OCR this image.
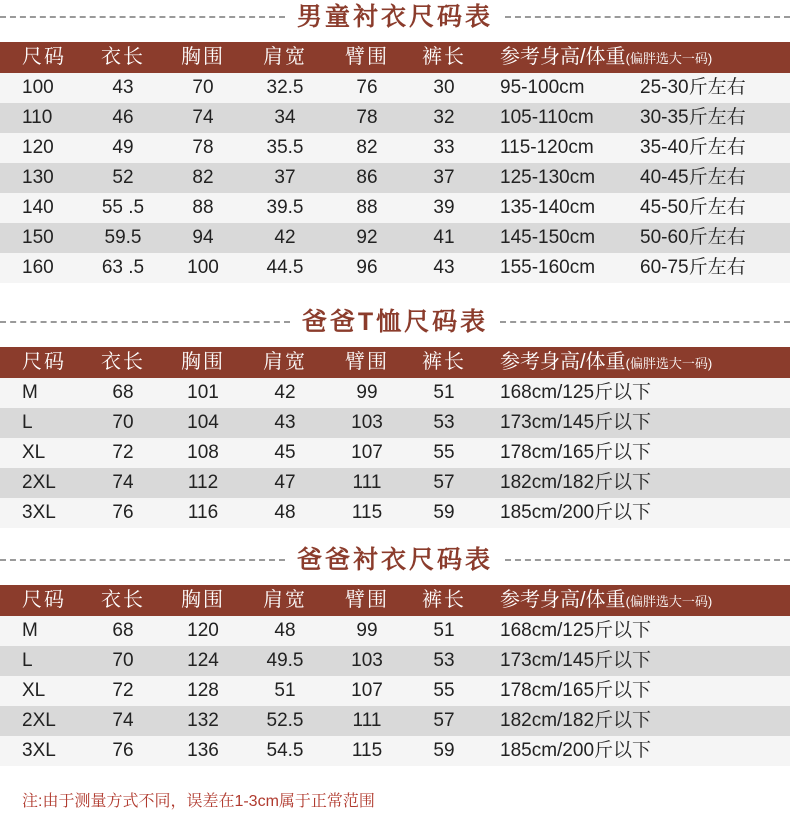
男童衬衣尺码表
尺码	衣长	胸围	肩宽	臂围	裤长	参考身高/体重(偏胖选大一码)
100	43	70	32.5	76	30	95-100cm	25-30斤左右
110	46	74	34	78	32	105-110cm 30-35斤左右
120	49	78	35.5	82	33	115-120cm 35-40斤左右
130	52	82	37	86	37	125-130cm 40-45斤左右
140	55 .5	88	39.5	88	39	135-140cm 45-50斤左右
150	59.5	94	42	92	41	145-150cm 50-60斤左右
160	63 .5	100	44.5	96	43	155-160cm 60-75斤左右
爸爸T恤尺码表
尺码	衣长	胸围	肩宽	臂围	裤长	参考身高/体重(偏胖选大一码)
M	68	101	42	99	51	168cm/125斤以下
L	70	104	43	103	53	173cm/145斤以下
XL	72	108	45	107	55	178cm/165斤以下
2XL	74	112	47	111	57	182cm/182斤以下
3XL	76	116	48	115	59	185cm/200斤以下
爸爸衬衣尺码表
尺码	衣长	胸围	肩宽	臂围	裤长	参考身高/体重(偏胖选大一码)
M	68	120	48	99	51	168cm/125斤以下
L	70	124	49.5	103	53	173cm/145斤以下
XL	72	128	51	107	55	178cm/165斤以下
2XL	74	132	52.5	111	57	182cm/182斤以下
3XL	76	136	54.5	115	59	185cm/200斤以下

注:由于测量方式不同，误差在1-3cm属于正常范围
